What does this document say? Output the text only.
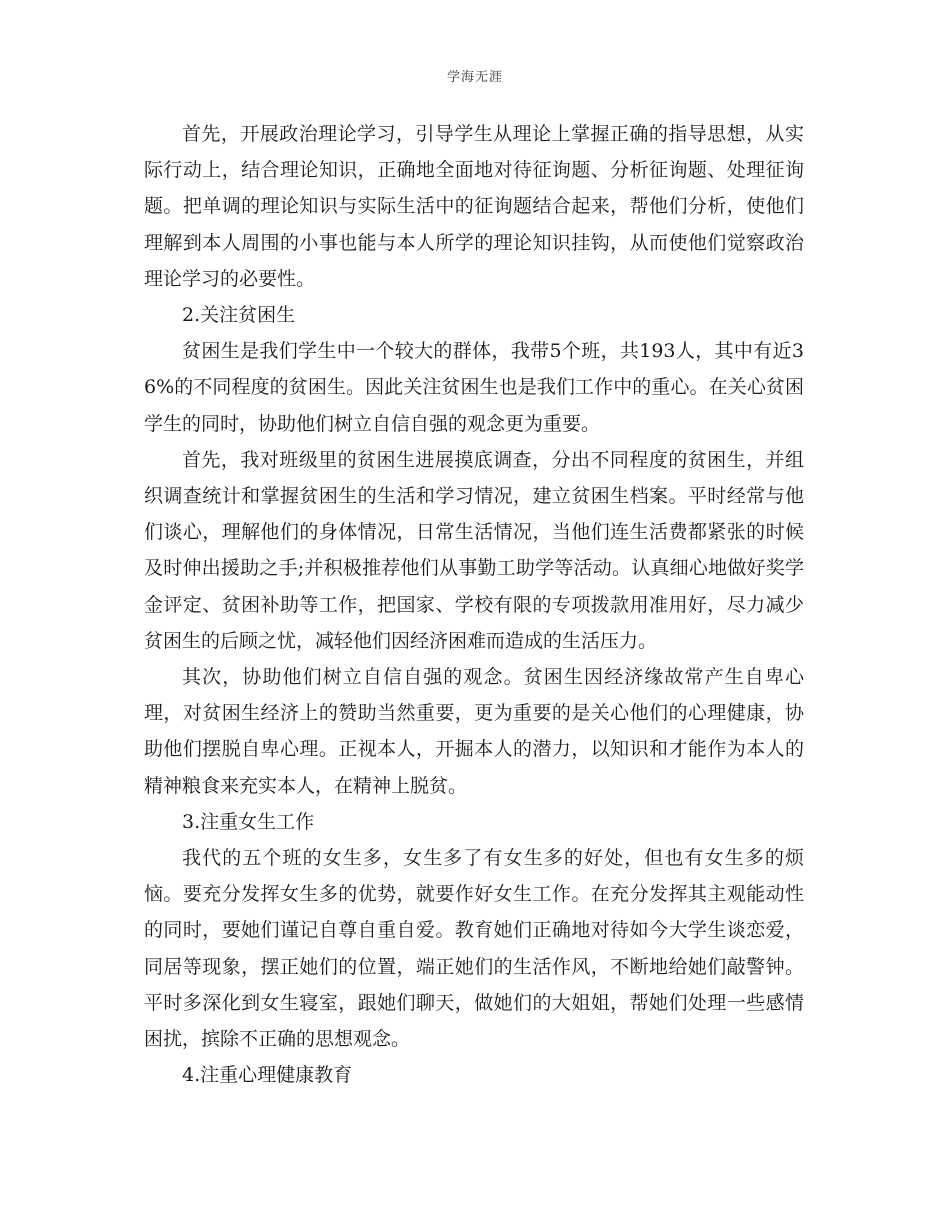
学海无涯

首先，开展政治理论学习，引导学生从理论上掌握正确的指导思想，从实际行动上，结合理论知识，正确地全面地对待征询题、分析征询题、处理征询题。把单调的理论知识与实际生活中的征询题结合起来，帮他们分析，使他们理解到本人周围的小事也能与本人所学的理论知识挂钩，从而使他们觉察政治理论学习的必要性。

2.关注贫困生

贫困生是我们学生中一个较大的群体，我带5个班，共193人，其中有近36%的不同程度的贫困生。因此关注贫困生也是我们工作中的重心。在关心贫困学生的同时，协助他们树立自信自强的观念更为重要。

首先，我对班级里的贫困生进展摸底调查，分出不同程度的贫困生，并组织调查统计和掌握贫困生的生活和学习情况，建立贫困生档案。平时经常与他们谈心，理解他们的身体情况，日常生活情况，当他们连生活费都紧张的时候及时伸出援助之手;并积极推荐他们从事勤工助学等活动。认真细心地做好奖学金评定、贫困补助等工作，把国家、学校有限的专项拨款用准用好，尽力减少贫困生的后顾之忧，减轻他们因经济困难而造成的生活压力。

其次，协助他们树立自信自强的观念。贫困生因经济缘故常产生自卑心理，对贫困生经济上的赞助当然重要，更为重要的是关心他们的心理健康，协助他们摆脱自卑心理。正视本人，开掘本人的潜力，以知识和才能作为本人的精神粮食来充实本人，在精神上脱贫。

3.注重女生工作

我代的五个班的女生多，女生多了有女生多的好处，但也有女生多的烦恼。要充分发挥女生多的优势，就要作好女生工作。在充分发挥其主观能动性的同时，要她们谨记自尊自重自爱。教育她们正确地对待如今大学生谈恋爱，同居等现象，摆正她们的位置，端正她们的生活作风，不断地给她们敲警钟。平时多深化到女生寝室，跟她们聊天，做她们的大姐姐，帮她们处理一些感情困扰，摈除不正确的思想观念。

4.注重心理健康教育
